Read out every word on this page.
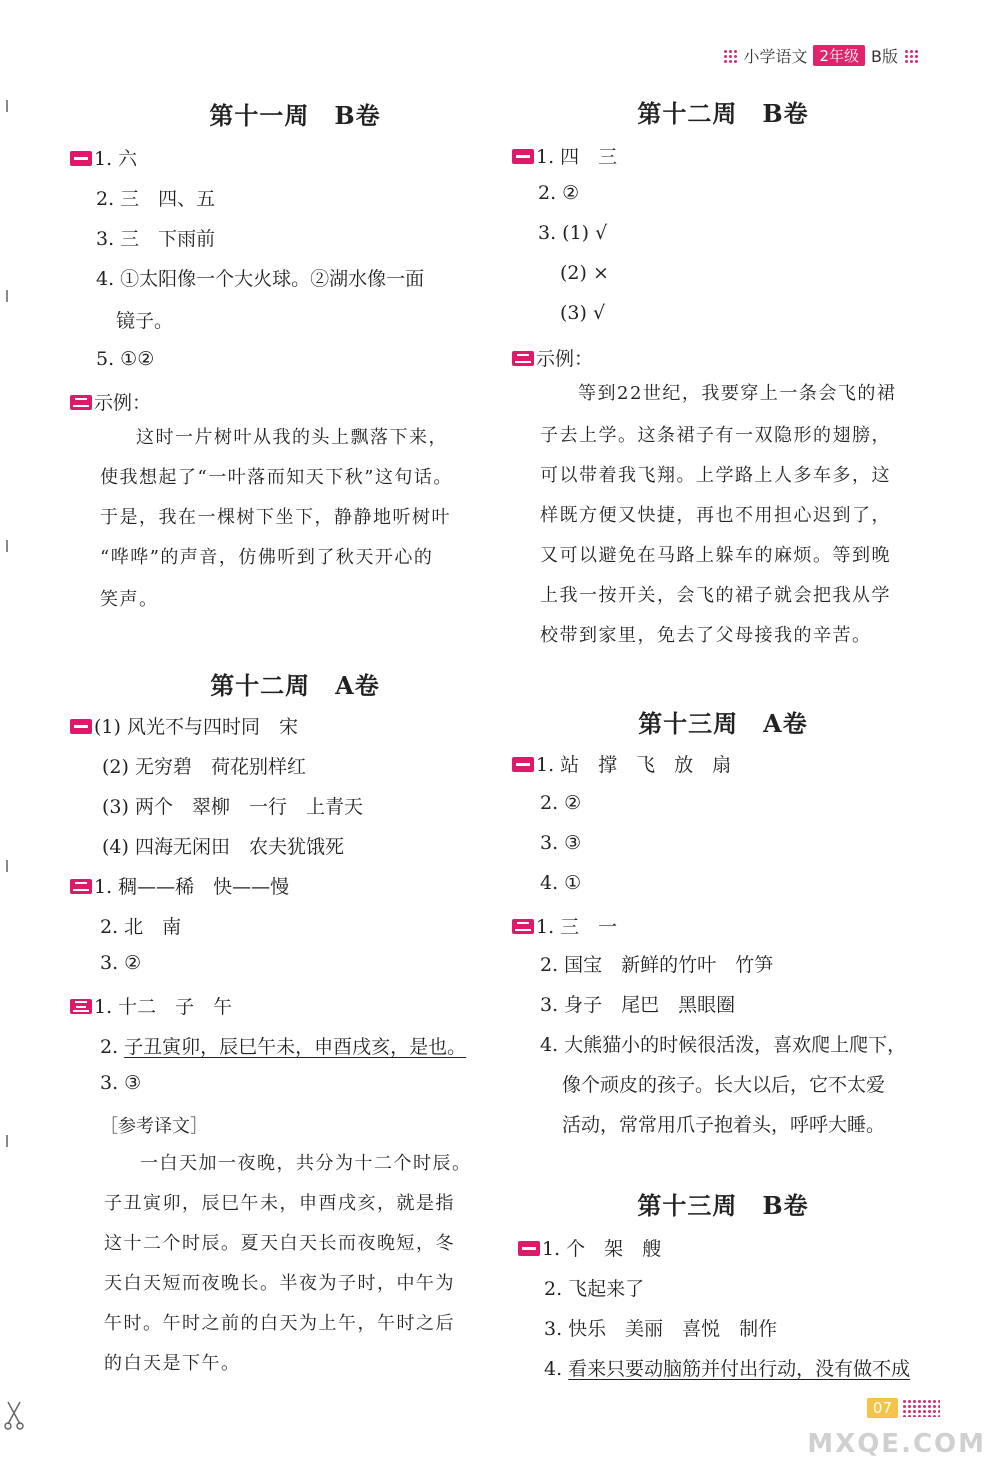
小学语文 2年级 B版
第十一周　B卷
1. 六
2. 三　四、五
3. 三　下雨前
4. ①太阳像一个大火球。②湖水像一面
镜子。
5. ①②
示例：
这时一片树叶从我的头上飘落下来，
使我想起了“一叶落而知天下秋”这句话。
于是，我在一棵树下坐下，静静地听树叶
“哗哗”的声音，仿佛听到了秋天开心的
笑声。
第十二周　A卷
(1) 风光不与四时同　宋
(2) 无穷碧　荷花别样红
(3) 两个　翠柳　一行　上青天
(4) 四海无闲田　农夫犹饿死
1. 稠——稀　快——慢
2. 北　南
3. ②
1. 十二　子　午
2. 子丑寅卯，辰巳午未，申酉戌亥，是也。
3. ③
［参考译文］
一白天加一夜晚，共分为十二个时辰。
子丑寅卯，辰巳午未，申酉戌亥，就是指
这十二个时辰。夏天白天长而夜晚短，冬
天白天短而夜晚长。半夜为子时，中午为
午时。午时之前的白天为上午，午时之后
的白天是下午。
第十二周　B卷
1. 四　三
2. ②
3. (1) √
(2) ×
(3) √
示例：
等到22世纪，我要穿上一条会飞的裙
子去上学。这条裙子有一双隐形的翅膀，
可以带着我飞翔。上学路上人多车多，这
样既方便又快捷，再也不用担心迟到了，
又可以避免在马路上躲车的麻烦。等到晚
上我一按开关，会飞的裙子就会把我从学
校带到家里，免去了父母接我的辛苦。
第十三周　A卷
1. 站　撑　飞　放　扇
2. ②
3. ③
4. ①
1. 三　一
2. 国宝　新鲜的竹叶　竹笋
3. 身子　尾巴　黑眼圈
4. 大熊猫小的时候很活泼，喜欢爬上爬下，
像个顽皮的孩子。长大以后，它不太爱
活动，常常用爪子抱着头，呼呼大睡。
第十三周　B卷
1. 个　架　艘
2. 飞起来了
3. 快乐　美丽　喜悦　制作
4. 看来只要动脑筋并付出行动，没有做不成
07
MXQE.COM
